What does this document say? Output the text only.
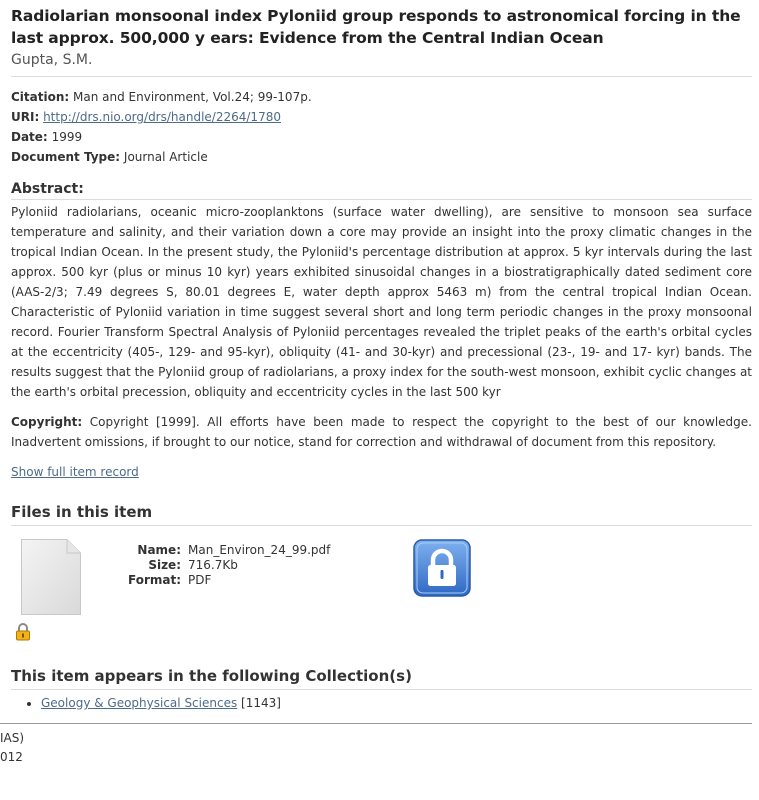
Radiolarian monsoonal index Pyloniid group responds to astronomical forcing in the last approx. 500,000 y ears: Evidence from the Central Indian Ocean
Gupta, S.M.
Citation: Man and Environment, Vol.24; 99-107p.
URI: http://drs.nio.org/drs/handle/2264/1780
Date: 1999
Document Type: Journal Article
Abstract:

Pyloniid radiolarians, oceanic micro-zooplanktons (surface water dwelling), are sensitive to monsoon sea surface temperature and salinity, and their variation down a core may provide an insight into the proxy climatic changes in the tropical Indian Ocean. In the present study, the Pyloniid's percentage distribution at approx. 5 kyr intervals during the last approx. 500 kyr (plus or minus 10 kyr) years exhibited sinusoidal changes in a biostratigraphically dated sediment core (AAS-2/3; 7.49 degrees S, 80.01 degrees E, water depth approx 5463 m) from the central tropical Indian Ocean. Characteristic of Pyloniid variation in time suggest several short and long term periodic changes in the proxy monsoonal record. Fourier Transform Spectral Analysis of Pyloniid percentages revealed the triplet peaks of the earth's orbital cycles at the eccentricity (405-, 129- and 95-kyr), obliquity (41- and 30-kyr) and precessional (23-, 19- and 17- kyr) bands. The results suggest that the Pyloniid group of radiolarians, a proxy index for the south-west monsoon, exhibit cyclic changes at the earth's orbital precession, obliquity and eccentricity cycles in the last 500 kyr

Copyright: Copyright [1999]. All efforts have been made to respect the copyright to the best of our knowledge. Inadvertent omissions, if brought to our notice, stand for correction and withdrawal of document from this repository.
Show full item record
Files in this item
Name: Man_Environ_24_99.pdf
Size: 716.7Kb
Format: PDF
This item appears in the following Collection(s)
• Geology & Geophysical Sciences [1143]
IAS)
012
